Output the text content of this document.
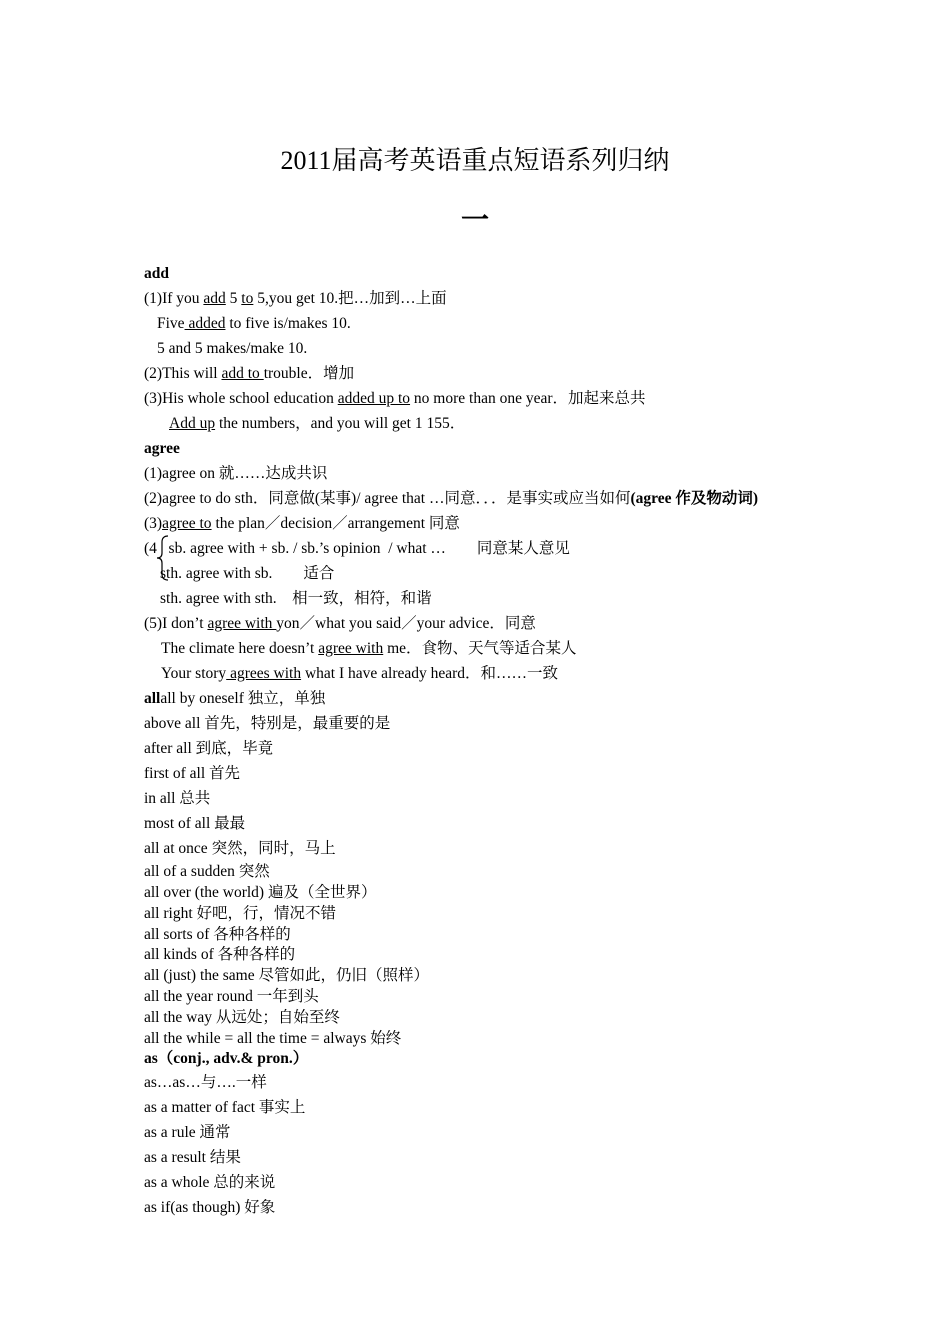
2011届高考英语重点短语系列归纳
一
add
(1)If you add 5 to 5,you get 10.把…加到…上面
Five added to five is/makes 10.
5 and 5 makes/make 10.
(2)This will add to trouble．增加
(3)His whole school education added up to no more than one year．加起来总共
Add up the numbers，and you will get 1 155．
agree
(1)agree on 就……达成共识
(2)agree to do sth．同意做(某事)/ agree that …同意．．．是事实或应当如何(agree 作及物动词)
(3)agree to the plan／decision／arrangement 同意
(4   sb. agree with + sb. / sb.’s opinion  / what …        同意某人意见
sth. agree with sb.        适合
sth. agree with sth.    相一致，相符，和谐
(5)I don’t agree with yon／what you said／your advice．同意
The climate here doesn’t agree with me．食物、天气等适合某人
Your story agrees with what I have already heard．和……一致
allall by oneself 独立，单独
above all 首先，特别是，最重要的是
after all 到底，毕竟
first of all 首先
in all 总共
most of all 最最
all at once 突然，同时，马上
all of a sudden 突然
all over (the world) 遍及（全世界）
all right 好吧，行，情况不错
all sorts of 各种各样的
all kinds of 各种各样的
all (just) the same 尽管如此，仍旧（照样）
all the year round 一年到头
all the way 从远处；自始至终
all the while = all the time = always 始终
as（conj., adv.& pron.）
as…as…与….一样
as a matter of fact 事实上
as a rule 通常
as a result 结果
as a whole 总的来说
as if(as though) 好象
